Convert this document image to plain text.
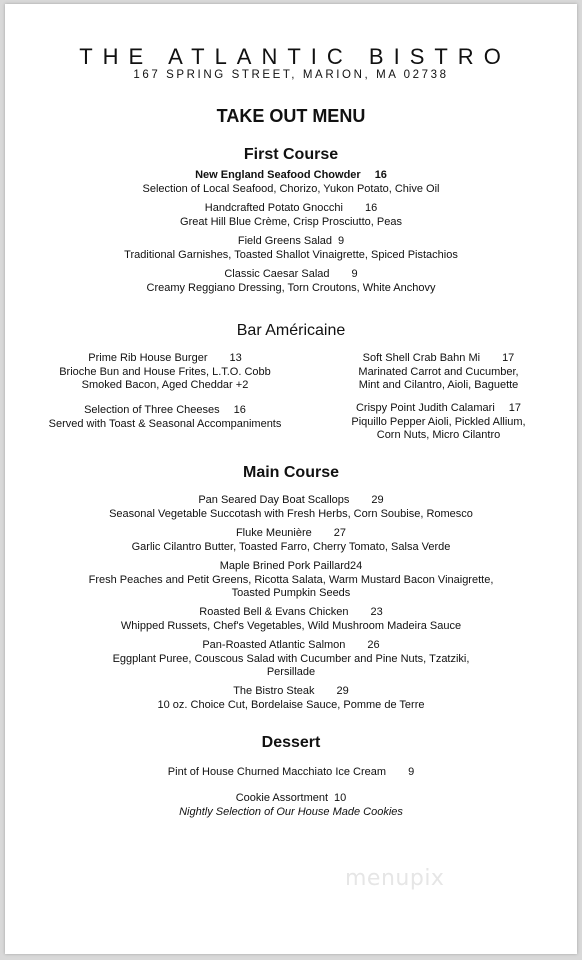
THE ATLANTIC BISTRO
167 SPRING STREET, MARION, MA 02738
TAKE OUT MENU
First Course
New England Seafood Chowder 16
Selection of Local Seafood, Chorizo, Yukon Potato, Chive Oil
Handcrafted Potato Gnocchi 16
Great Hill Blue Crème, Crisp Prosciutto, Peas
Field Greens Salad 9
Traditional Garnishes, Toasted Shallot Vinaigrette, Spiced Pistachios
Classic Caesar Salad 9
Creamy Reggiano Dressing, Torn Croutons, White Anchovy
Bar Américaine
Prime Rib House Burger 13
Brioche Bun and House Frites, L.T.O. Cobb
Smoked Bacon, Aged Cheddar +2
Selection of Three Cheeses 16
Served with Toast & Seasonal Accompaniments
Soft Shell Crab Bahn Mi 17
Marinated Carrot and Cucumber,
Mint and Cilantro, Aioli, Baguette
Crispy Point Judith Calamari 17
Piquillo Pepper Aioli, Pickled Allium,
Corn Nuts, Micro Cilantro
Main Course
Pan Seared Day Boat Scallops 29
Seasonal Vegetable Succotash with Fresh Herbs, Corn Soubise, Romesco
Fluke Meunière 27
Garlic Cilantro Butter, Toasted Farro, Cherry Tomato, Salsa Verde
Maple Brined Pork Paillard24
Fresh Peaches and Petit Greens, Ricotta Salata, Warm Mustard Bacon Vinaigrette,
Toasted Pumpkin Seeds
Roasted Bell & Evans Chicken 23
Whipped Russets, Chef's Vegetables, Wild Mushroom Madeira Sauce
Pan-Roasted Atlantic Salmon 26
Eggplant Puree, Couscous Salad with Cucumber and Pine Nuts, Tzatziki,
Persillade
The Bistro Steak 29
10 oz. Choice Cut, Bordelaise Sauce, Pomme de Terre
Dessert
Pint of House Churned Macchiato Ice Cream 9
Cookie Assortment 10
Nightly Selection of Our House Made Cookies
menupix
